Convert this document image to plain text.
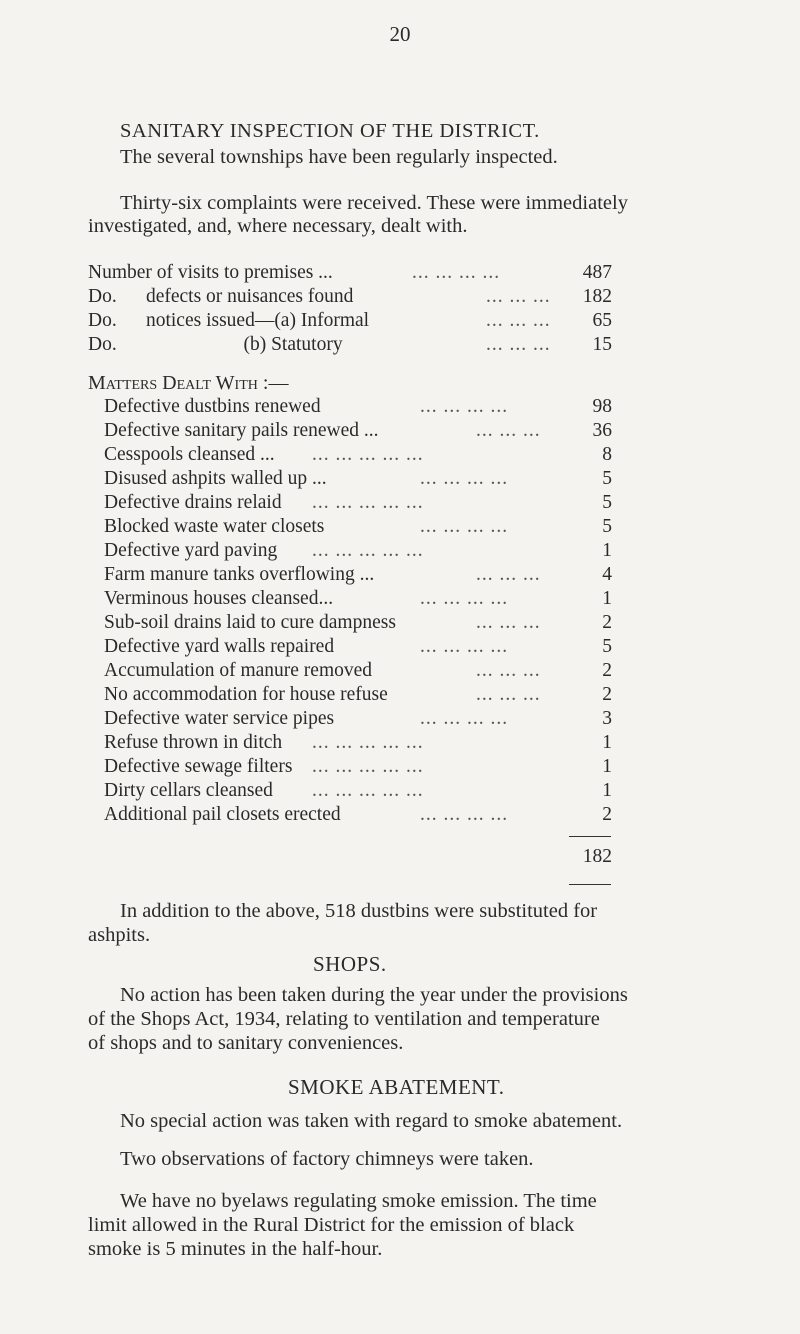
20
SANITARY INSPECTION OF THE DISTRICT.
The several townships have been regularly inspected.
Thirty-six complaints were received. These were immediately
investigated, and, where necessary, dealt with.
Number of visits to premises ...	... ... ... ...	487
Do.      defects or nuisances found	... ... ... 182
Do.      notices issued—(a) Informal	... ... ... 65
Do.                          (b) Statutory	... ... ... 15
Matters Dealt With :—
Defective dustbins renewed	... ... ... ...	98
Defective sanitary pails renewed ...	... ... ...	36
Cesspools cleansed ... ... ... ... ... ...	8
Disused ashpits walled up ...	... ... ... ...	5
Defective drains relaid ... ... ... ... ...	5
Blocked waste water closets	... ... ... ...	5
Defective yard paving ... ... ... ... ...	1
Farm manure tanks overflowing ...	... ... ...	4
Verminous houses cleansed...	... ... ... ...	1
Sub-soil drains laid to cure dampness	... ... ...	2
Defective yard walls repaired	... ... ... ...	5
Accumulation of manure removed	... ... ...	2
No accommodation for house refuse	... ... ...	2
Defective water service pipes	... ... ... ...	3
Refuse thrown in ditch ... ... ... ... ...	1
Defective sewage filters ... ... ... ... ...	1
Dirty cellars cleansed ... ... ... ... ...	1
Additional pail closets erected	... ... ... ...	2
182
In addition to the above, 518 dustbins were substituted for
ashpits.
SHOPS.
No action has been taken during the year under the provisions
of the Shops Act, 1934, relating to ventilation and temperature
of shops and to sanitary conveniences.
SMOKE ABATEMENT.
No special action was taken with regard to smoke abatement.
Two observations of factory chimneys were taken.
We have no byelaws regulating smoke emission. The time
limit allowed in the Rural District for the emission of black
smoke is 5 minutes in the half-hour.
